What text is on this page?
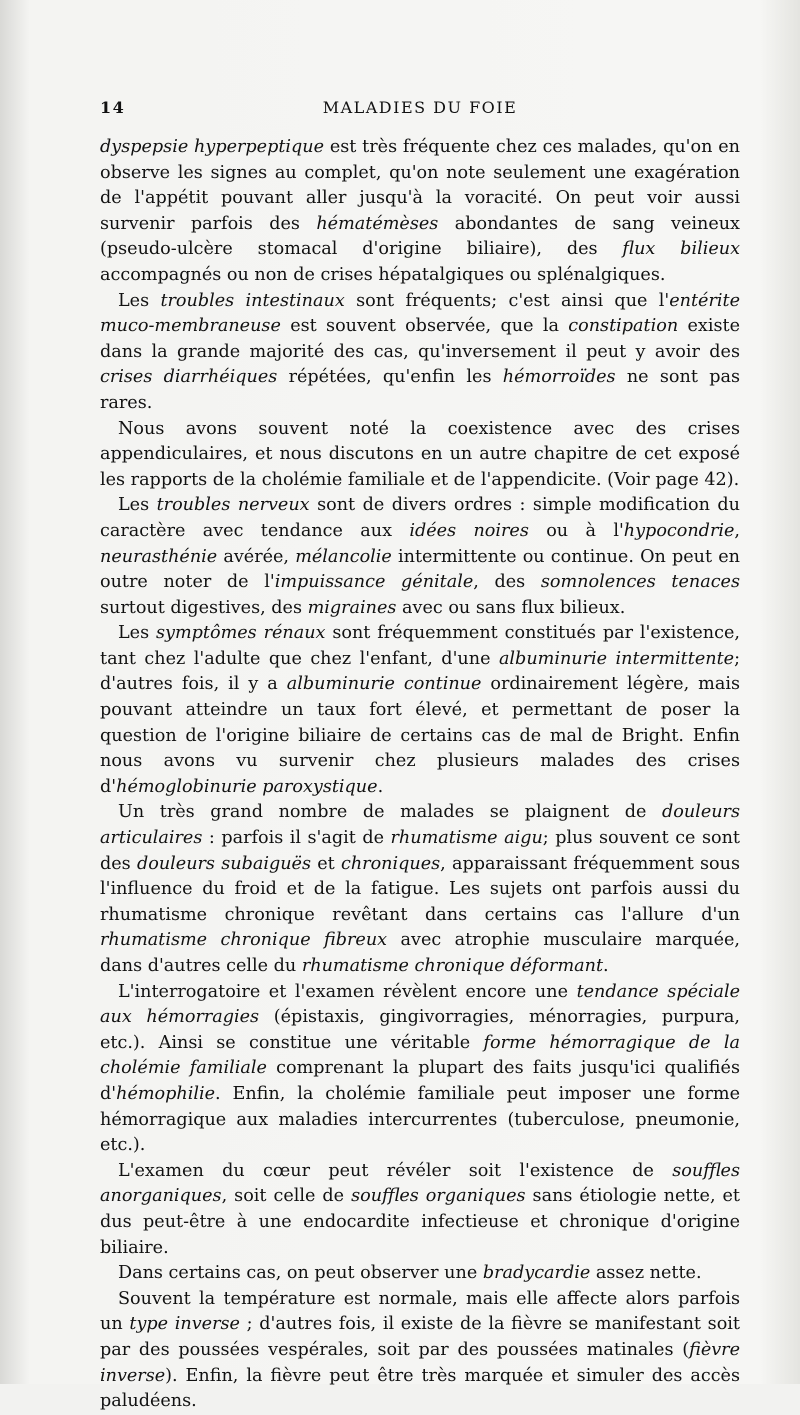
14	MALADIES DU FOIE

dyspepsie hyperpeptique est très fréquente chez ces malades, qu'on en observe les signes au complet, qu'on note seulement une exagération de l'appétit pouvant aller jusqu'à la voracité. On peut voir aussi survenir parfois des hématémèses abondantes de sang veineux (pseudo-ulcère stomacal d'origine biliaire), des flux bilieux accompagnés ou non de crises hépatalgiques ou splénalgiques.

Les troubles intestinaux sont fréquents; c'est ainsi que l'entérite muco-membraneuse est souvent observée, que la constipation existe dans la grande majorité des cas, qu'inversement il peut y avoir des crises diarrhéiques répétées, qu'enfin les hémorroïdes ne sont pas rares.

Nous avons souvent noté la coexistence avec des crises appendiculaires, et nous discutons en un autre chapitre de cet exposé les rapports de la cholémie familiale et de l'appendicite. (Voir page 42).

Les troubles nerveux sont de divers ordres : simple modification du caractère avec tendance aux idées noires ou à l'hypocondrie, neurasthénie avérée, mélancolie intermittente ou continue. On peut en outre noter de l'impuissance génitale, des somnolences tenaces surtout digestives, des migraines avec ou sans flux bilieux.

Les symptômes rénaux sont fréquemment constitués par l'existence, tant chez l'adulte que chez l'enfant, d'une albuminurie intermittente; d'autres fois, il y a albuminurie continue ordinairement légère, mais pouvant atteindre un taux fort élevé, et permettant de poser la question de l'origine biliaire de certains cas de mal de Bright. Enfin nous avons vu survenir chez plusieurs malades des crises d'hémoglobinurie paroxystique.

Un très grand nombre de malades se plaignent de douleurs articulaires : parfois il s'agit de rhumatisme aigu; plus souvent ce sont des douleurs subaiguës et chroniques, apparaissant fréquemment sous l'influence du froid et de la fatigue. Les sujets ont parfois aussi du rhumatisme chronique revêtant dans certains cas l'allure d'un rhumatisme chronique fibreux avec atrophie musculaire marquée, dans d'autres celle du rhumatisme chronique déformant.

L'interrogatoire et l'examen révèlent encore une tendance spéciale aux hémorragies (épistaxis, gingivorragies, ménorragies, purpura, etc.). Ainsi se constitue une véritable forme hémorragique de la cholémie familiale comprenant la plupart des faits jusqu'ici qualifiés d'hémophilie. Enfin, la cholémie familiale peut imposer une forme hémorragique aux maladies intercurrentes (tuberculose, pneumonie, etc.).

L'examen du cœur peut révéler soit l'existence de souffles anorganiques, soit celle de souffles organiques sans étiologie nette, et dus peut-être à une endocardite infectieuse et chronique d'origine biliaire.

Dans certains cas, on peut observer une bradycardie assez nette.

Souvent la température est normale, mais elle affecte alors parfois un type inverse ; d'autres fois, il existe de la fièvre se manifestant soit par des poussées vespérales, soit par des poussées matinales (fièvre inverse). Enfin, la fièvre peut être très marquée et simuler des accès paludéens.
